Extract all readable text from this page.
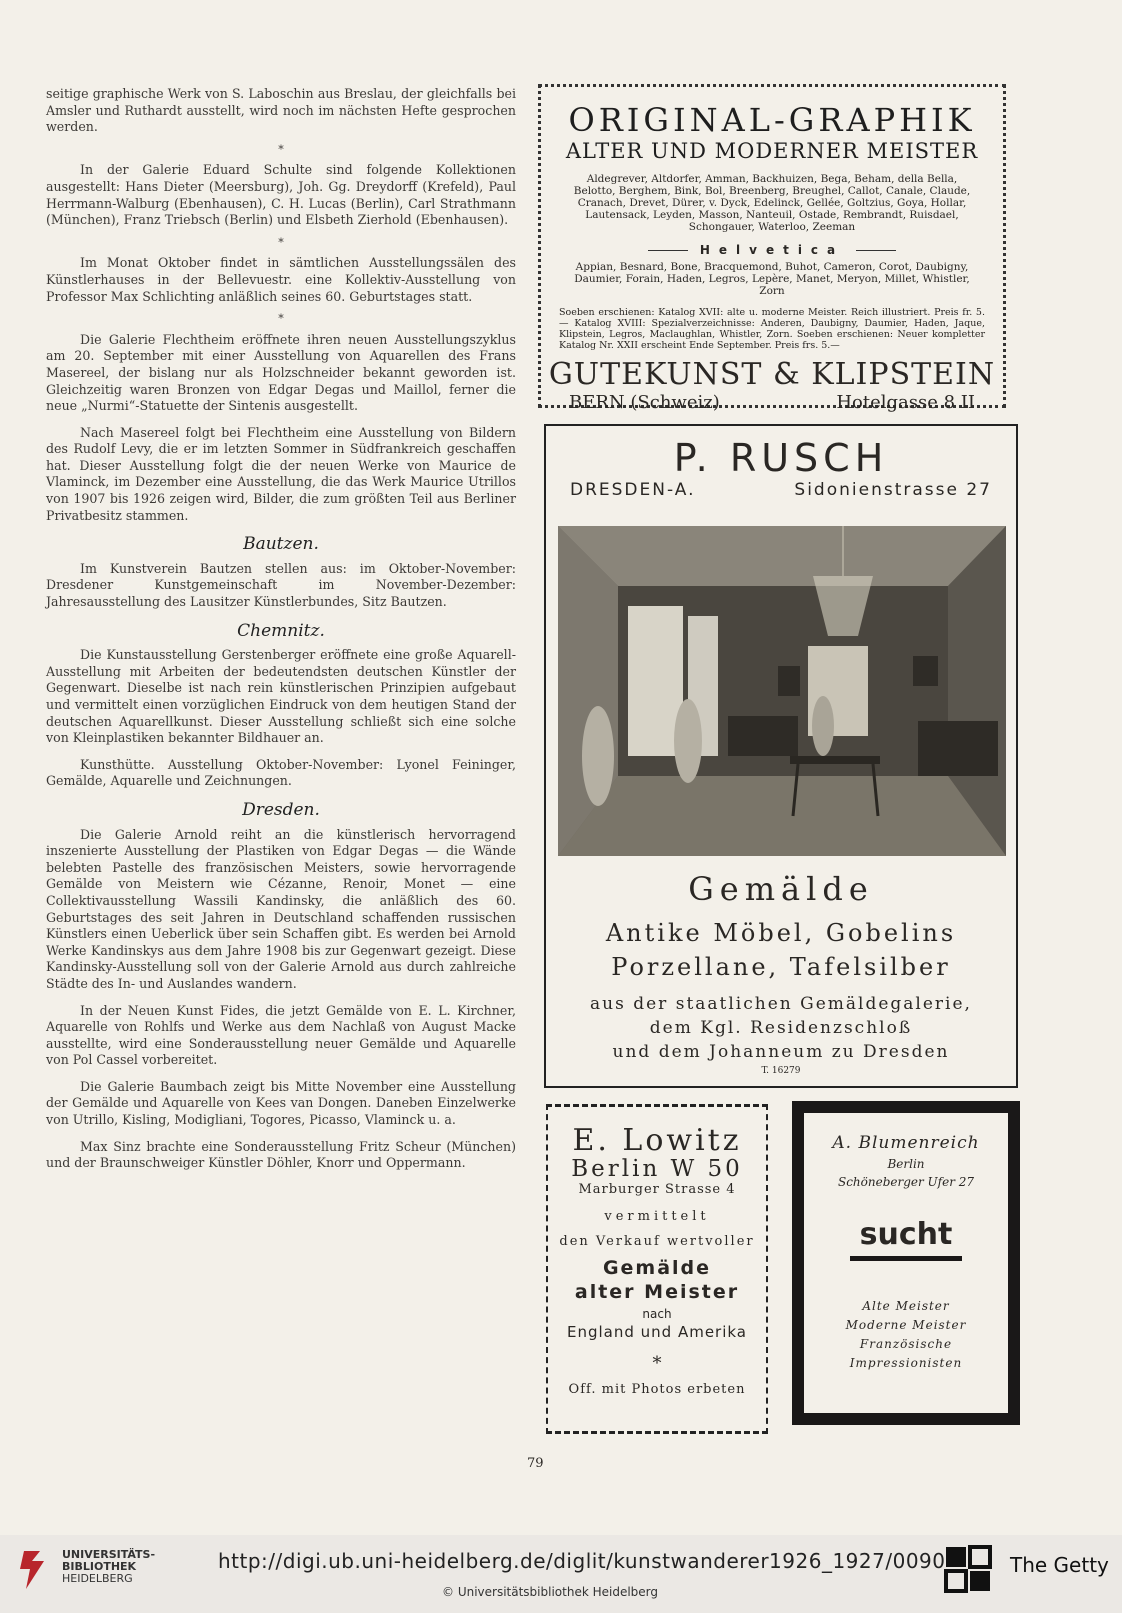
seitige graphische Werk von S. Laboschin aus Breslau, der gleichfalls bei Amsler und Ruthardt ausstellt, wird noch im nächsten Hefte gesprochen werden.

*

In der Galerie Eduard Schulte sind folgende Kollektionen ausgestellt: Hans Dieter (Meersburg), Joh. Gg. Dreydorff (Krefeld), Paul Herrmann-Walburg (Ebenhausen), C. H. Lucas (Berlin), Carl Strathmann (München), Franz Triebsch (Berlin) und Elsbeth Zierhold (Ebenhausen).

*

Im Monat Oktober findet in sämtlichen Ausstellungssälen des Künstlerhauses in der Bellevuestr. eine Kollektiv-Ausstellung von Professor Max Schlichting anläßlich seines 60. Geburtstages statt.

*

Die Galerie Flechtheim eröffnete ihren neuen Ausstellungszyklus am 20. September mit einer Ausstellung von Aquarellen des Frans Masereel, der bislang nur als Holzschneider bekannt geworden ist. Gleichzeitig waren Bronzen von Edgar Degas und Maillol, ferner die neue „Nurmi“-Statuette der Sintenis ausgestellt.

Nach Masereel folgt bei Flechtheim eine Ausstellung von Bildern des Rudolf Levy, die er im letzten Sommer in Südfrankreich geschaffen hat. Dieser Ausstellung folgt die der neuen Werke von Maurice de Vlaminck, im Dezember eine Ausstellung, die das Werk Maurice Utrillos von 1907 bis 1926 zeigen wird, Bilder, die zum größten Teil aus Berliner Privatbesitz stammen.

Bautzen.

Im Kunstverein Bautzen stellen aus: im Oktober-November: Dresdener Kunstgemeinschaft im November-Dezember: Jahresausstellung des Lausitzer Künstlerbundes, Sitz Bautzen.

Chemnitz.

Die Kunstausstellung Gerstenberger eröffnete eine große Aquarell-Ausstellung mit Arbeiten der bedeutendsten deutschen Künstler der Gegenwart. Dieselbe ist nach rein künstlerischen Prinzipien aufgebaut und vermittelt einen vorzüglichen Eindruck von dem heutigen Stand der deutschen Aquarellkunst. Dieser Ausstellung schließt sich eine solche von Kleinplastiken bekannter Bildhauer an.

Kunsthütte. Ausstellung Oktober-November: Lyonel Feininger, Gemälde, Aquarelle und Zeichnungen.

Dresden.

Die Galerie Arnold reiht an die künstlerisch hervorragend inszenierte Ausstellung der Plastiken von Edgar Degas — die Wände belebten Pastelle des französischen Meisters, sowie hervorragende Gemälde von Meistern wie Cézanne, Renoir, Monet — eine Collektivausstellung Wassili Kandinsky, die anläßlich des 60. Geburtstages des seit Jahren in Deutschland schaffenden russischen Künstlers einen Ueberlick über sein Schaffen gibt. Es werden bei Arnold Werke Kandinskys aus dem Jahre 1908 bis zur Gegenwart gezeigt. Diese Kandinsky-Ausstellung soll von der Galerie Arnold aus durch zahlreiche Städte des In- und Auslandes wandern.

In der Neuen Kunst Fides, die jetzt Gemälde von E. L. Kirchner, Aquarelle von Rohlfs und Werke aus dem Nachlaß von August Macke ausstellte, wird eine Sonderausstellung neuer Gemälde und Aquarelle von Pol Cassel vorbereitet.

Die Galerie Baumbach zeigt bis Mitte November eine Ausstellung der Gemälde und Aquarelle von Kees van Dongen. Daneben Einzelwerke von Utrillo, Kisling, Modigliani, Togores, Picasso, Vlaminck u. a.

Max Sinz brachte eine Sonderausstellung Fritz Scheur (München) und der Braunschweiger Künstler Döhler, Knorr und Oppermann.

ORIGINAL-GRAPHIK
ALTER UND MODERNER MEISTER
Aldegrever, Altdorfer, Amman, Backhuizen, Bega, Beham, della Bella, Belotto, Berghem, Bink, Bol, Breenberg, Breughel, Callot, Canale, Claude, Cranach, Drevet, Dürer, v. Dyck, Edelinck, Gellée, Goltzius, Goya, Hollar, Lautensack, Leyden, Masson, Nanteuil, Ostade, Rembrandt, Ruisdael, Schongauer, Waterloo, Zeeman
Helvetica
Appian, Besnard, Bone, Bracquemond, Buhot, Cameron, Corot, Daubigny, Daumier, Forain, Haden, Legros, Lepère, Manet, Meryon, Millet, Whistler, Zorn
Soeben erschienen: Katalog XVII: alte u. moderne Meister. Reich illustriert. Preis fr. 5.— Katalog XVIII: Spezialverzeichnisse: Anderen, Daubigny, Daumier, Haden, Jaque, Klipstein, Legros, Maclaughlan, Whistler, Zorn. Soeben erschienen: Neuer kompletter Katalog Nr. XXII erscheint Ende September. Preis frs. 5.—
GUTEKUNST & KLIPSTEIN
BERN (Schweiz)	Hotelgasse 8 II
P. RUSCH
DRESDEN-A.	Sidonienstrasse 27
Gemälde
Antike Möbel, Gobelins
Porzellane, Tafelsilber
aus der staatlichen Gemäldegalerie,
dem Kgl. Residenzschloß
und dem Johanneum zu Dresden
T. 16279
E. Lowitz
Berlin W 50
Marburger Strasse 4
vermittelt
den Verkauf wertvoller
Gemälde
alter Meister
nach
England und Amerika
*
Off. mit Photos erbeten
A. Blumenreich
Berlin
Schöneberger Ufer 27
sucht
Alte Meister
Moderne Meister
Französische
Impressionisten
79
UNIVERSITÄTS-
BIBLIOTHEK
HEIDELBERG
http://digi.ub.uni-heidelberg.de/diglit/kunstwanderer1926_1927/0090
© Universitätsbibliothek Heidelberg
The Getty
